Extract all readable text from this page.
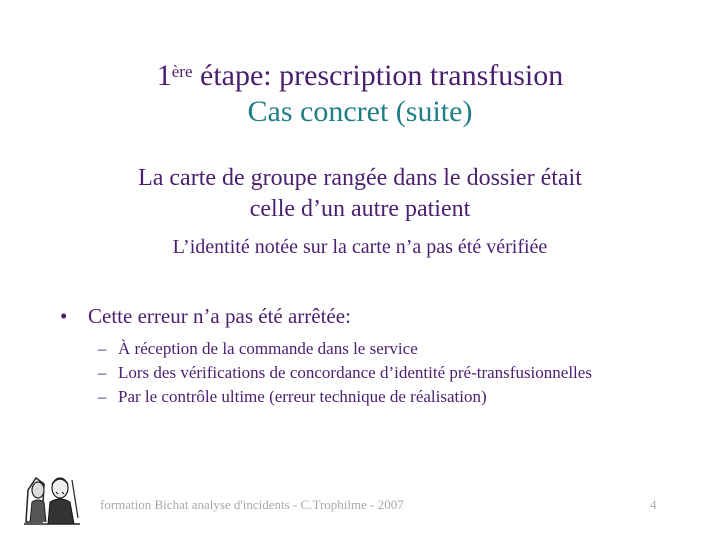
1ère étape: prescription transfusion
Cas concret (suite)
La carte de groupe rangée dans le dossier était
celle d’un autre patient
L’identité notée sur la carte n’a pas été vérifiée
• Cette erreur n’a pas été arrêtée:
– À réception de la commande dans le service
– Lors des vérifications de concordance d’identité pré-transfusionnelles
– Par le contrôle ultime (erreur technique de réalisation)
formation Bichat analyse d'incidents - C.Trophilme - 2007	4
